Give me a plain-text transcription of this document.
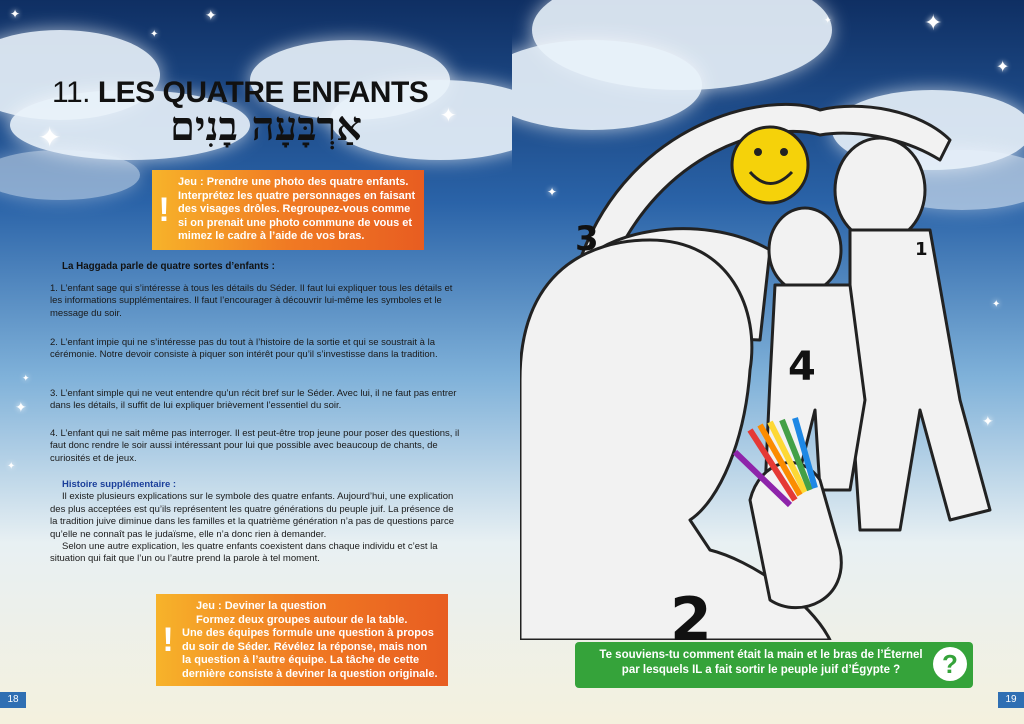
✦
✦
✦
✦
✦
✦
✦
✦
11. LES QUATRE ENFANTS
אַרְבָּעָה בָנִים
!
Jeu : Prendre une photo des quatre enfants.
Interprétez les quatre personnages en faisant
des visages drôles. Regroupez-vous comme
si on prenait une photo commune de vous et
mimez le cadre à l’aide de vos bras.
La Haggada parle de quatre sortes d’enfants :

1. L’enfant sage qui s’intéresse à tous les détails du Séder. Il faut lui expliquer tous les détails et les informations supplémentaires. Il faut l’encourager à découvrir lui-même les symboles et le message du soir.

2. L’enfant impie qui ne s’intéresse pas du tout à l’histoire de la sortie et qui se soustrait à la cérémonie. Notre devoir consiste à piquer son intérêt pour qu’il s’investisse dans la tradition.

3. L’enfant simple qui ne veut entendre qu’un récit bref sur le Séder. Avec lui, il ne faut pas entrer dans les détails, il suffit de lui expliquer brièvement l’essentiel du soir.

4. L’enfant qui ne sait même pas interroger. Il est peut-être trop jeune pour poser des questions, il faut donc rendre le soir aussi intéressant pour lui que possible avec beaucoup de chants, de curiosités et de jeux.

Histoire supplémentaire :

Il existe plusieurs explications sur le symbole des quatre enfants. Aujourd’hui, une explication des plus acceptées est qu’ils représentent les quatre générations du peuple juif. La présence de la tradition juive diminue dans les familles et la quatrième génération n’a pas de questions parce qu’elle ne connaît pas le judaïsme, elle n’a donc rien à demander.

Selon une autre explication, les quatre enfants coexistent dans chaque individu et c’est la situation qui fait que l’un ou l’autre prend la parole à tel moment.

!
Jeu : Deviner la question
Formez deux groupes autour de la table.
Une des équipes formule une question à propos
du soir de Séder. Révélez la réponse, mais non
la question à l’autre équipe. La tâche de cette
dernière consiste à deviner la question originale.
18
✦
✦
✦
✦
✦
✦
19
3	1
4
2
Te souviens-tu comment était la main et le bras de l’Éternel
par lesquels IL a fait sortir le peuple juif d’Égypte ?	?
